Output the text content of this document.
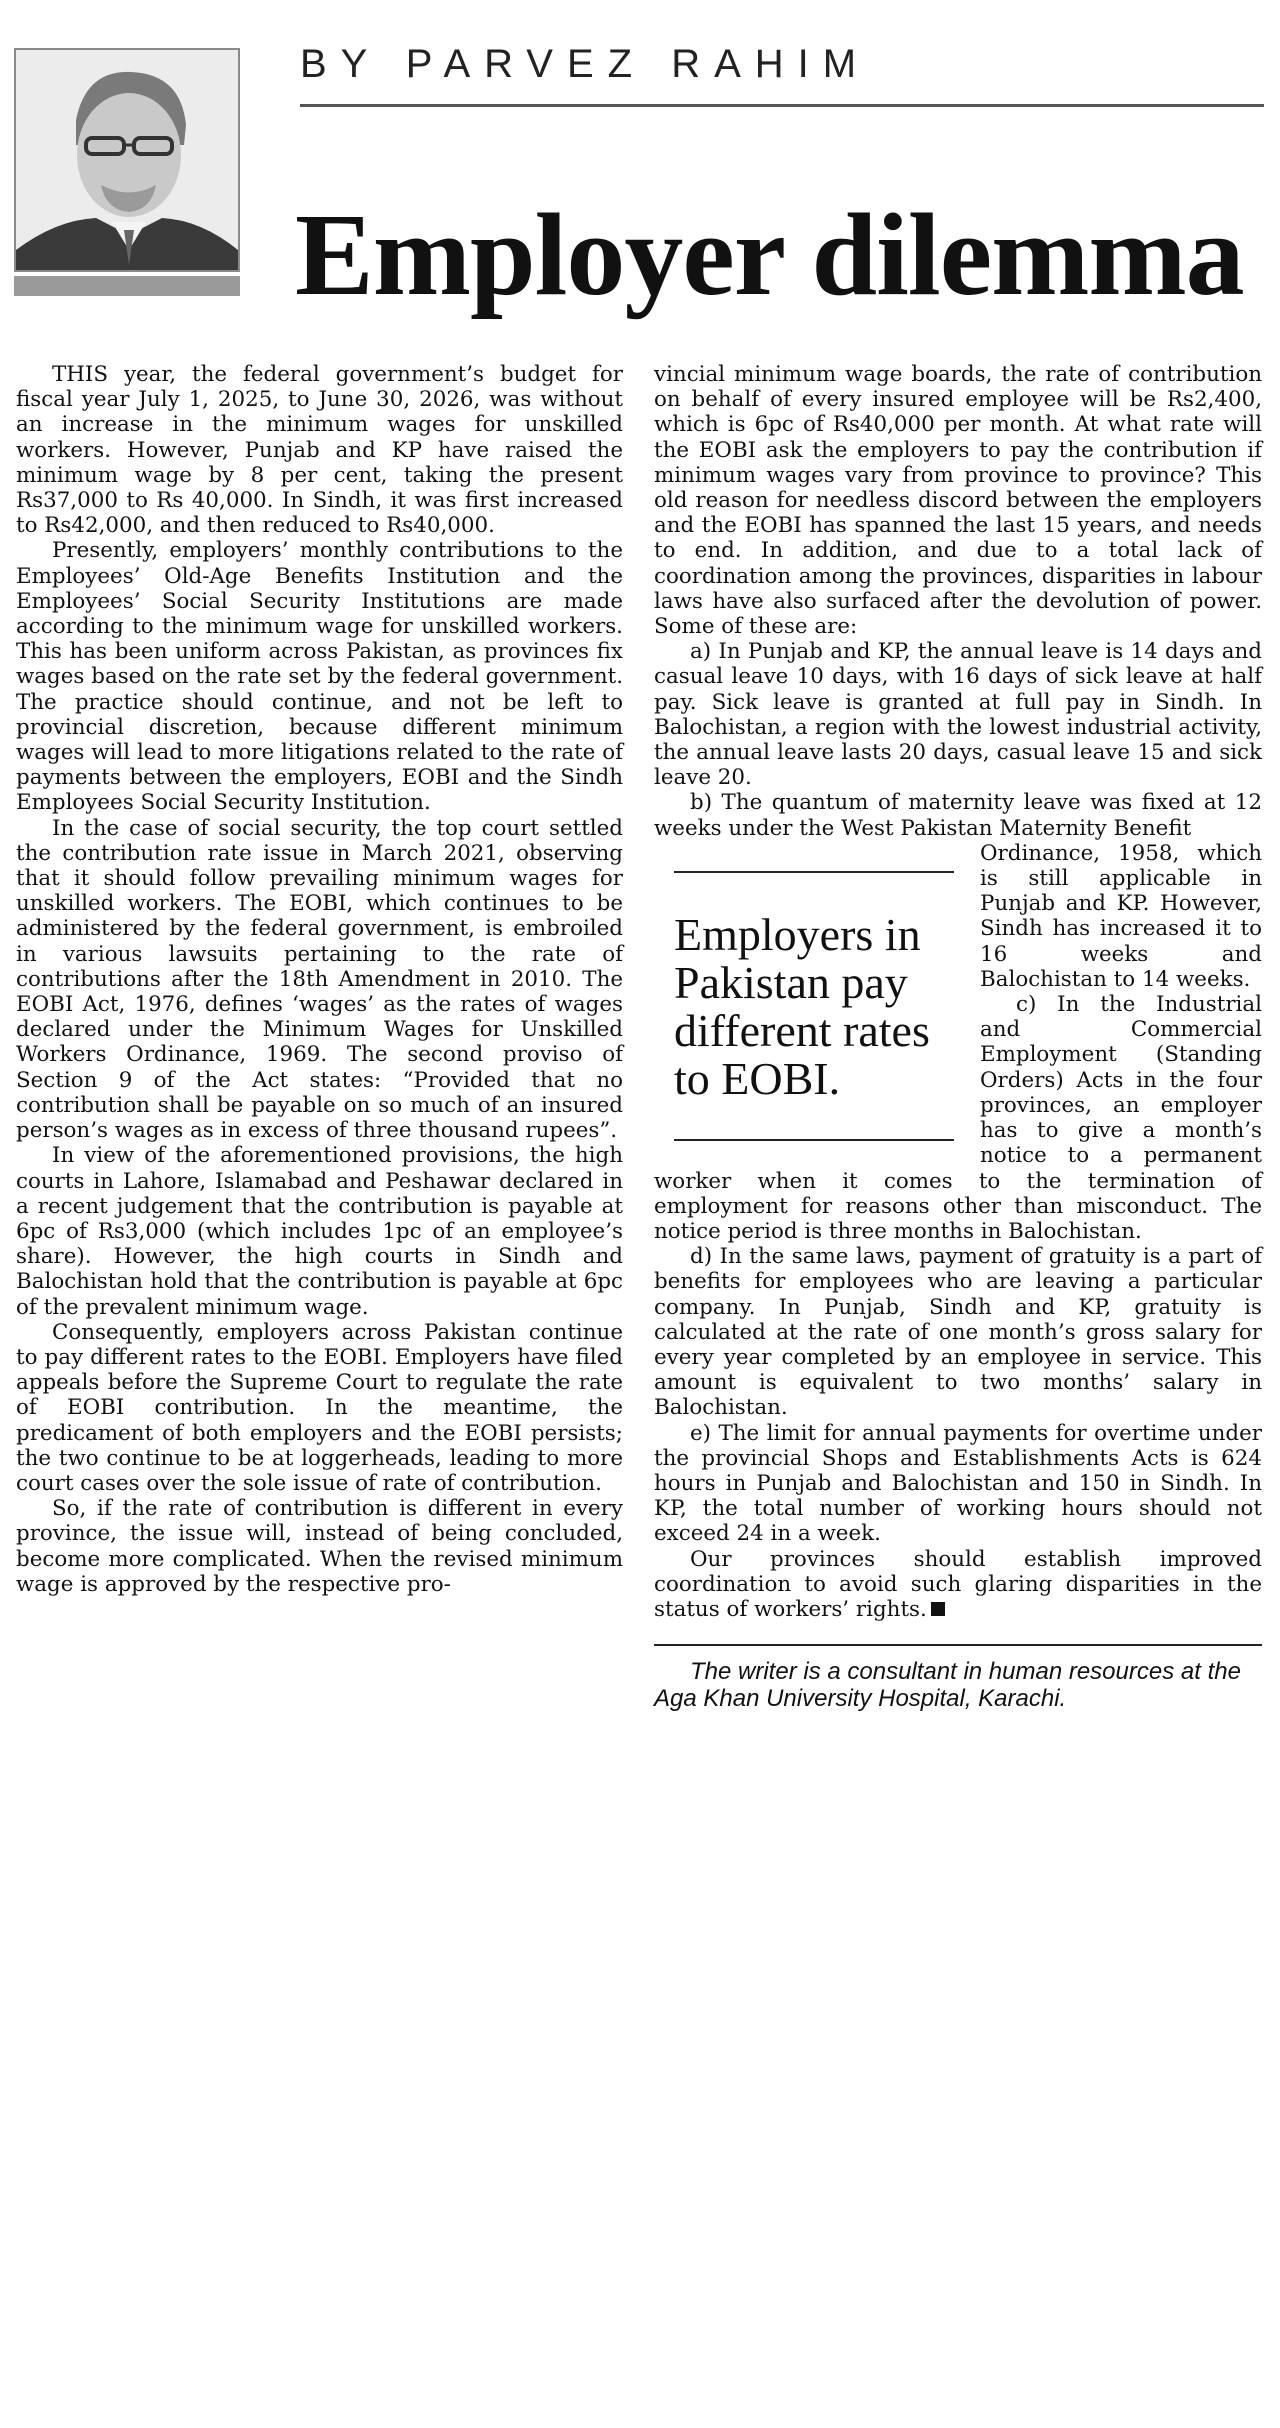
BY PARVEZ RAHIM
Employer dilemma

THIS year, the federal government’s budget for fiscal year July 1, 2025, to June 30, 2026, was without an increase in the minimum wages for unskilled workers. However, Punjab and KP have raised the minimum wage by 8 per cent, taking the present Rs37,000 to Rs 40,000. In Sindh, it was first increased to Rs42,000, and then reduced to Rs40,000.

Presently, employers’ monthly contributions to the Employees’ Old-Age Benefits Institution and the Employees’ Social Security Institutions are made according to the minimum wage for unskilled workers. This has been uniform across Pakistan, as provinces fix wages based on the rate set by the federal government. The practice should continue, and not be left to provincial discretion, because different minimum wages will lead to more litigations related to the rate of payments between the employers, EOBI and the Sindh Employees Social Security Institution.

In the case of social security, the top court settled the contribution rate issue in March 2021, observing that it should follow prevailing minimum wages for unskilled workers. The EOBI, which continues to be administered by the federal government, is embroiled in various lawsuits pertaining to the rate of contributions after the 18th Amendment in 2010. The EOBI Act, 1976, defines ‘wages’ as the rates of wages declared under the Minimum Wages for Unskilled Workers Ordinance, 1969. The second proviso of Section 9 of the Act states: “Provided that no contribution shall be payable on so much of an insured person’s wages as in excess of three thousand rupees”.

In view of the aforementioned provisions, the high courts in Lahore, Islamabad and Peshawar declared in a recent judgement that the contribution is payable at 6pc of Rs3,000 (which includes 1pc of an employee’s share). However, the high courts in Sindh and Balochistan hold that the contribution is payable at 6pc of the prevalent minimum wage.

Consequently, employers across Pakistan continue to pay different rates to the EOBI. Employers have filed appeals before the Supreme Court to regulate the rate of EOBI contribution. In the meantime, the predicament of both employers and the EOBI persists; the two continue to be at loggerheads, leading to more court cases over the sole issue of rate of contribution.

So, if the rate of contribution is different in every province, the issue will, instead of being concluded, become more complicated. When the revised minimum wage is approved by the respective pro-

vincial minimum wage boards, the rate of contribution on behalf of every insured employee will be Rs2,400, which is 6pc of Rs40,000 per month. At what rate will the EOBI ask the employers to pay the contribution if minimum wages vary from province to province? This old reason for needless discord between the employers and the EOBI has spanned the last 15 years, and needs to end. In addition, and due to a total lack of coordination among the provinces, disparities in labour laws have also surfaced after the devolution of power. Some of these are:

a) In Punjab and KP, the annual leave is 14 days and casual leave 10 days, with 16 days of sick leave at half pay. Sick leave is granted at full pay in Sindh. In Balochistan, a region with the lowest industrial activity, the annual leave lasts 20 days, casual leave 15 and sick leave 20.

b) The quantum of maternity leave was fixed at 12 weeks under the West Pakistan Maternity Benefit

Employers in Pakistan pay different rates to EOBI.

Ordinance, 1958, which is still applicable in Punjab and KP. However, Sindh has increased it to 16 weeks and Balochistan to 14 weeks.

c) In the Industrial and Commercial Employment (Standing Orders) Acts in the four provinces, an employer has to give a month’s notice to a permanent worker when it comes to the termination of employment for reasons other than misconduct. The notice period is three months in Balochistan.

d) In the same laws, payment of gratuity is a part of benefits for employees who are leaving a particular company. In Punjab, Sindh and KP, gratuity is calculated at the rate of one month’s gross salary for every year completed by an employee in service. This amount is equivalent to two months’ salary in Balochistan.

e) The limit for annual payments for overtime under the provincial Shops and Establishments Acts is 624 hours in Punjab and Balochistan and 150 in Sindh. In KP, the total number of working hours should not exceed 24 in a week.

Our provinces should establish improved coordination to avoid such glaring disparities in the status of workers’ rights.

The writer is a consultant in human resources at the Aga Khan University Hospital, Karachi.
